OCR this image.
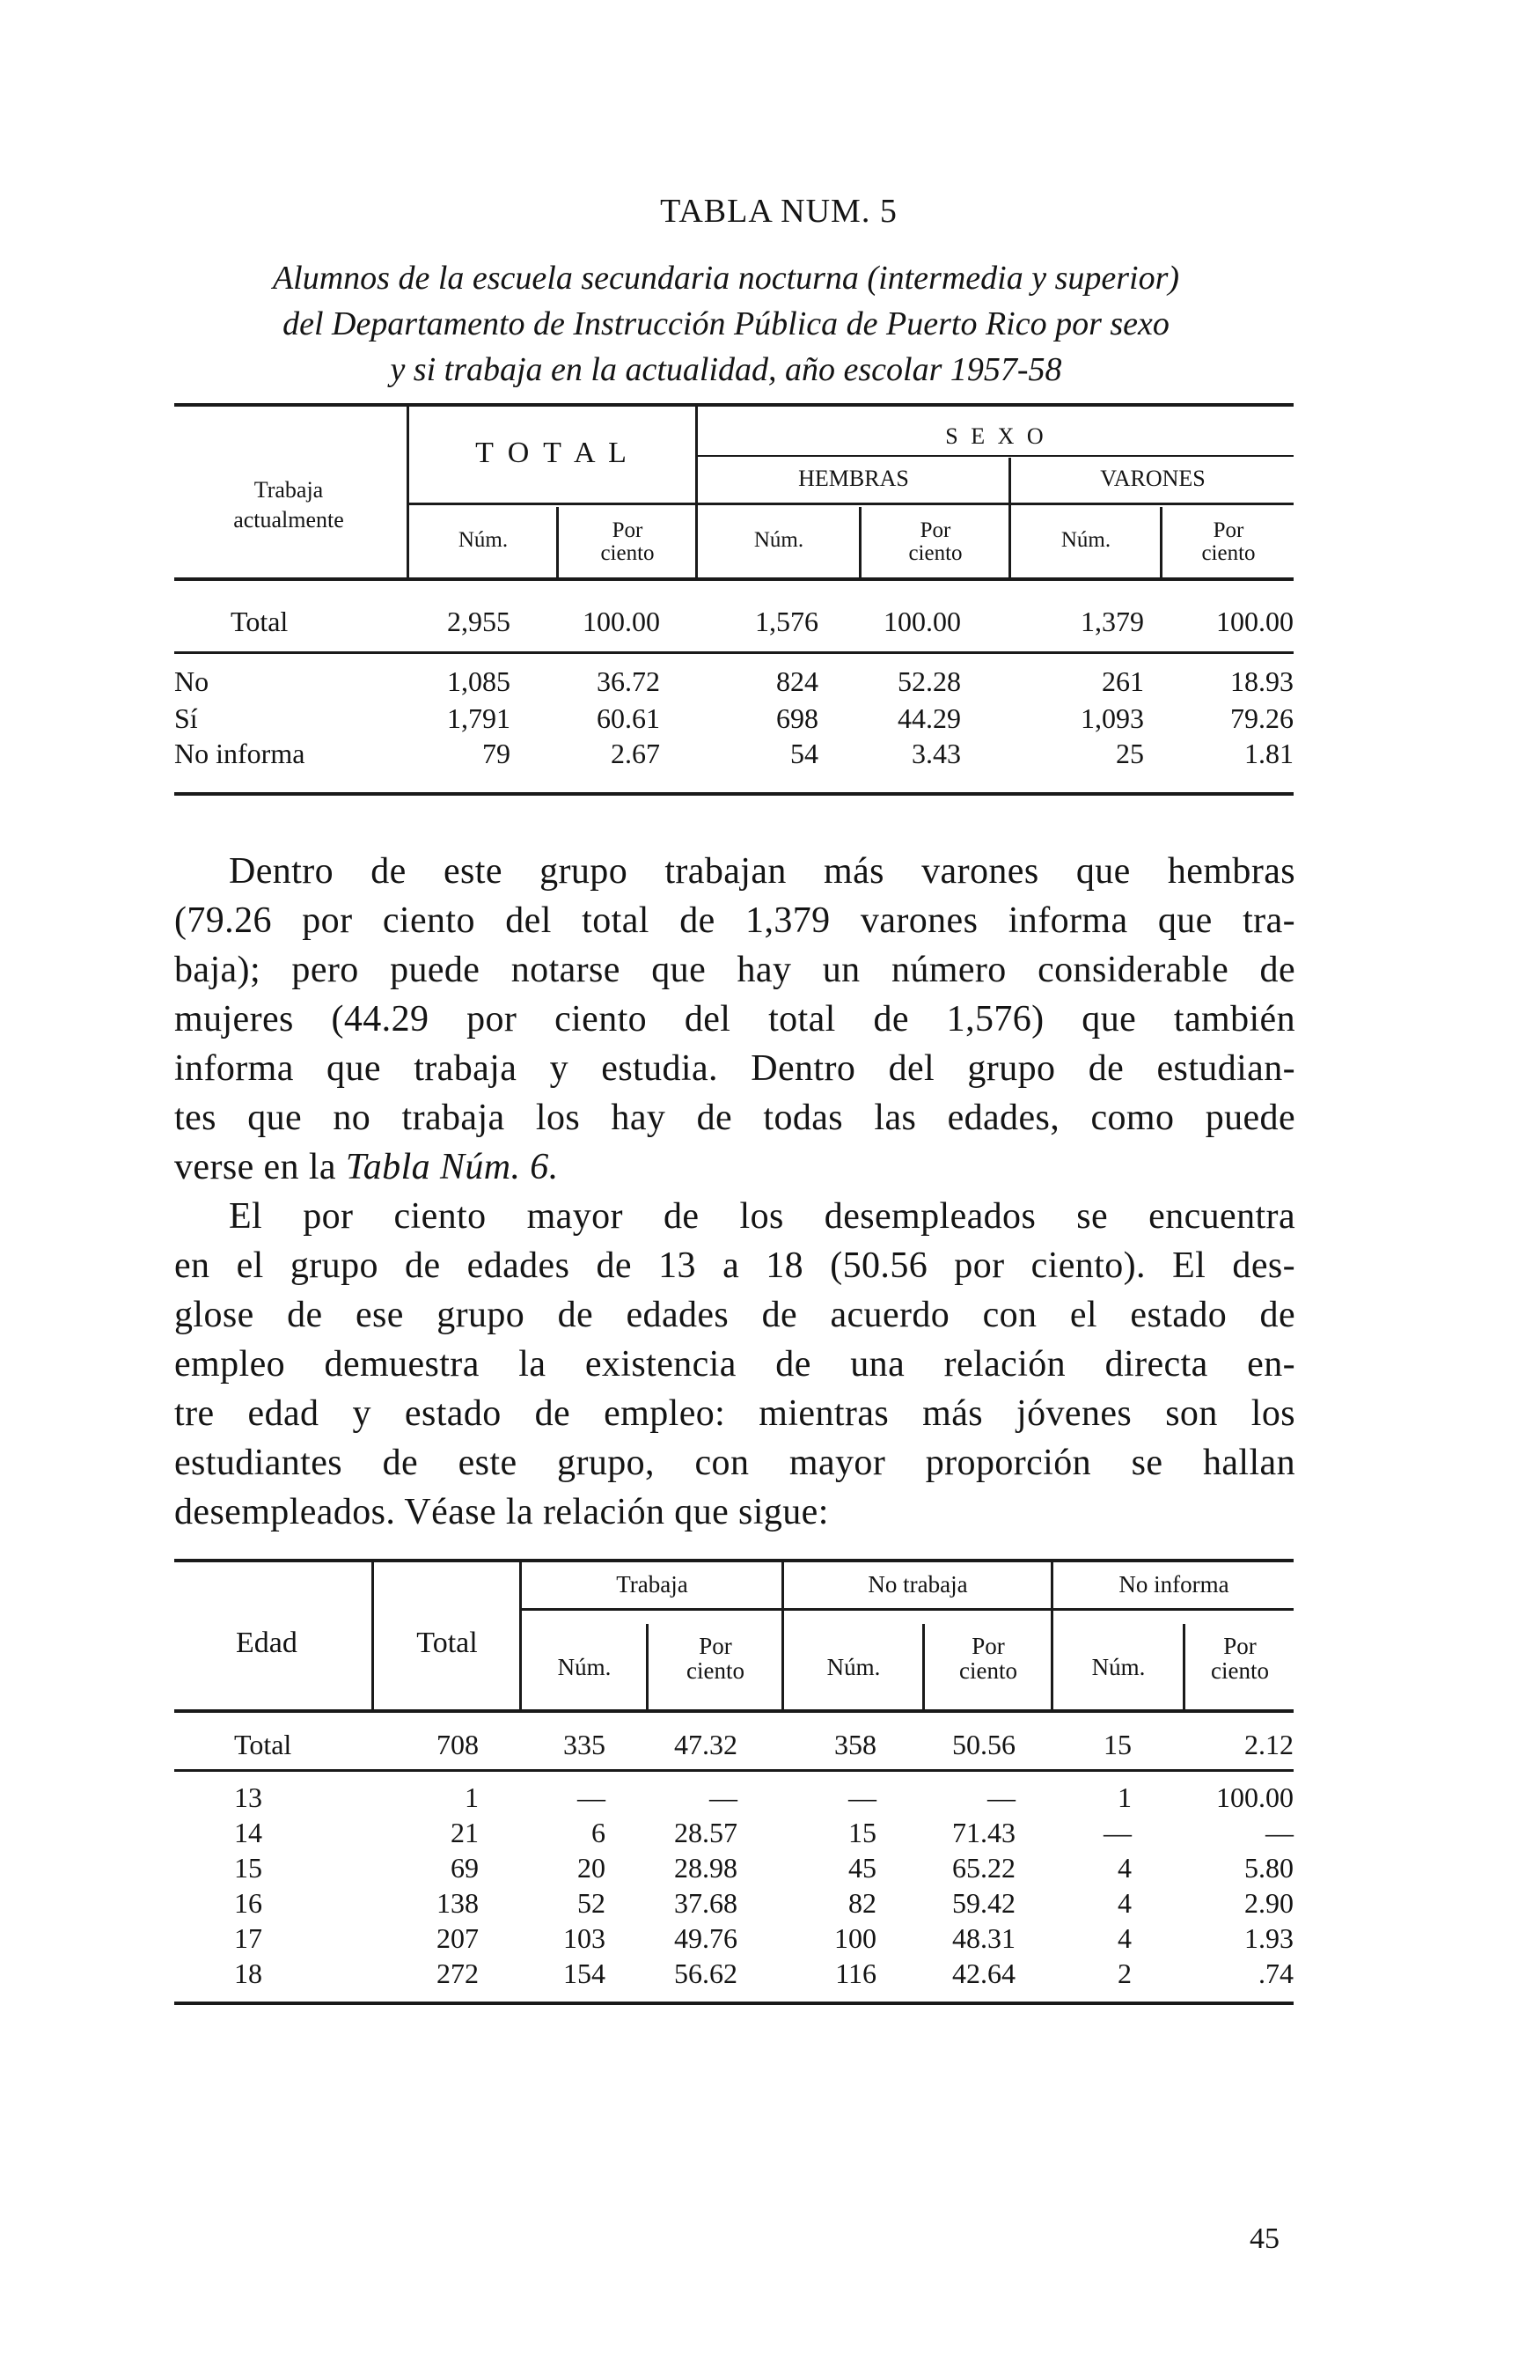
TABLA NUM. 5
Alumnos de la escuela secundaria nocturna (intermedia y superior)
del Departamento de Instrucción Pública de Puerto Rico por sexo
y si trabaja en la actualidad, año escolar 1957-58
Trabaja
actualmente
T O T A L
S E X O
HEMBRAS	VARONES
Núm.	Por
ciento
Núm.	Por
ciento
Núm.	Por
ciento
Total	2,955	100.00	1,576	100.00	1,379	100.00
No	1,085	36.72	824	52.28	261	18.93
Sí	1,791	60.61	698	44.29	1,093	79.26
No informa	79	2.67	54	3.43	25	1.81
Dentro de este grupo trabajan más varones que hembras
(79.26 por ciento del total de 1,379 varones informa que tra-
baja); pero puede notarse que hay un número considerable de
mujeres (44.29 por ciento del total de 1,576) que también
informa que trabaja y estudia. Dentro del grupo de estudian-
tes que no trabaja los hay de todas las edades, como puede
verse en la Tabla Núm. 6.
El por ciento mayor de los desempleados se encuentra
en el grupo de edades de 13 a 18 (50.56 por ciento). El des-
glose de ese grupo de edades de acuerdo con el estado de
empleo demuestra la existencia de una relación directa en-
tre edad y estado de empleo: mientras más jóvenes son los
estudiantes de este grupo, con mayor proporción se hallan
desempleados. Véase la relación que sigue:
Edad	Total
Trabaja	No trabaja	No informa
Núm.
Por
ciento	Núm.
Por
ciento	Núm.
Por
ciento
Total	708	335	47.32	358	50.56	15	2.12
13	1	—	—	—	—	1	100.00
14	21	6	28.57	15	71.43	—	—
15	69	20	28.98	45	65.22	4	5.80
16	138	52	37.68	82	59.42	4	2.90
17	207	103	49.76	100	48.31	4	1.93
18	272	154	56.62	116	42.64	2	.74
45
